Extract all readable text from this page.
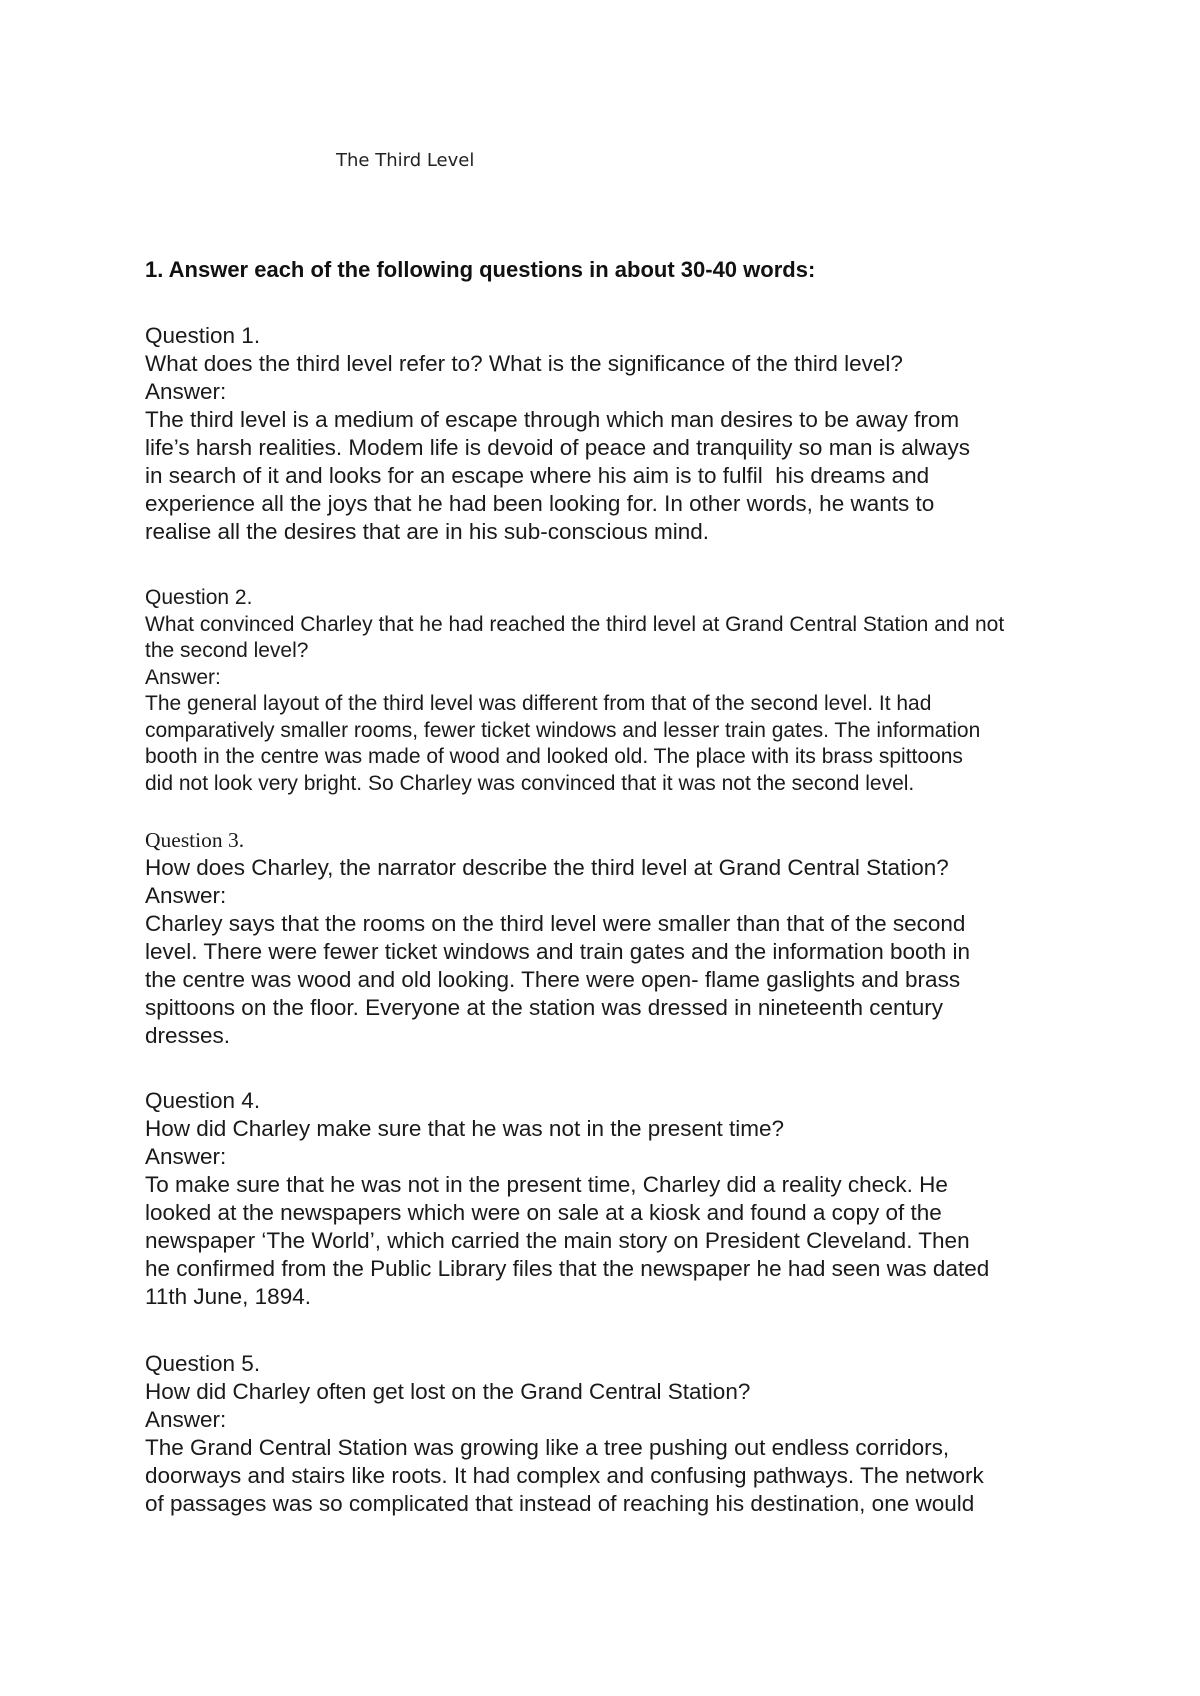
The Third Level
1. Answer each of the following questions in about 30-40 words:
Question 1.
What does the third level refer to? What is the significance of the third level?
Answer:
The third level is a medium of escape through which man desires to be away from
life’s harsh realities. Modem life is devoid of peace and tranquility so man is always
in search of it and looks for an escape where his aim is to fulfil  his dreams and
experience all the joys that he had been looking for. In other words, he wants to
realise all the desires that are in his sub-conscious mind.
Question 2.
What convinced Charley that he had reached the third level at Grand Central Station and not
the second level?
Answer:
The general layout of the third level was different from that of the second level. It had
comparatively smaller rooms, fewer ticket windows and lesser train gates. The information
booth in the centre was made of wood and looked old. The place with its brass spittoons
did not look very bright. So Charley was convinced that it was not the second level.
Question 3.
How does Charley, the narrator describe the third level at Grand Central Station?
Answer:
Charley says that the rooms on the third level were smaller than that of the second
level. There were fewer ticket windows and train gates and the information booth in
the centre was wood and old looking. There were open- flame gaslights and brass
spittoons on the floor. Everyone at the station was dressed in nineteenth century
dresses.
Question 4.
How did Charley make sure that he was not in the present time?
Answer:
To make sure that he was not in the present time, Charley did a reality check. He
looked at the newspapers which were on sale at a kiosk and found a copy of the
newspaper ‘The World’, which carried the main story on President Cleveland. Then
he confirmed from the Public Library files that the newspaper he had seen was dated
11th June, 1894.
Question 5.
How did Charley often get lost on the Grand Central Station?
Answer:
The Grand Central Station was growing like a tree pushing out endless corridors,
doorways and stairs like roots. It had complex and confusing pathways. The network
of passages was so complicated that instead of reaching his destination, one would
